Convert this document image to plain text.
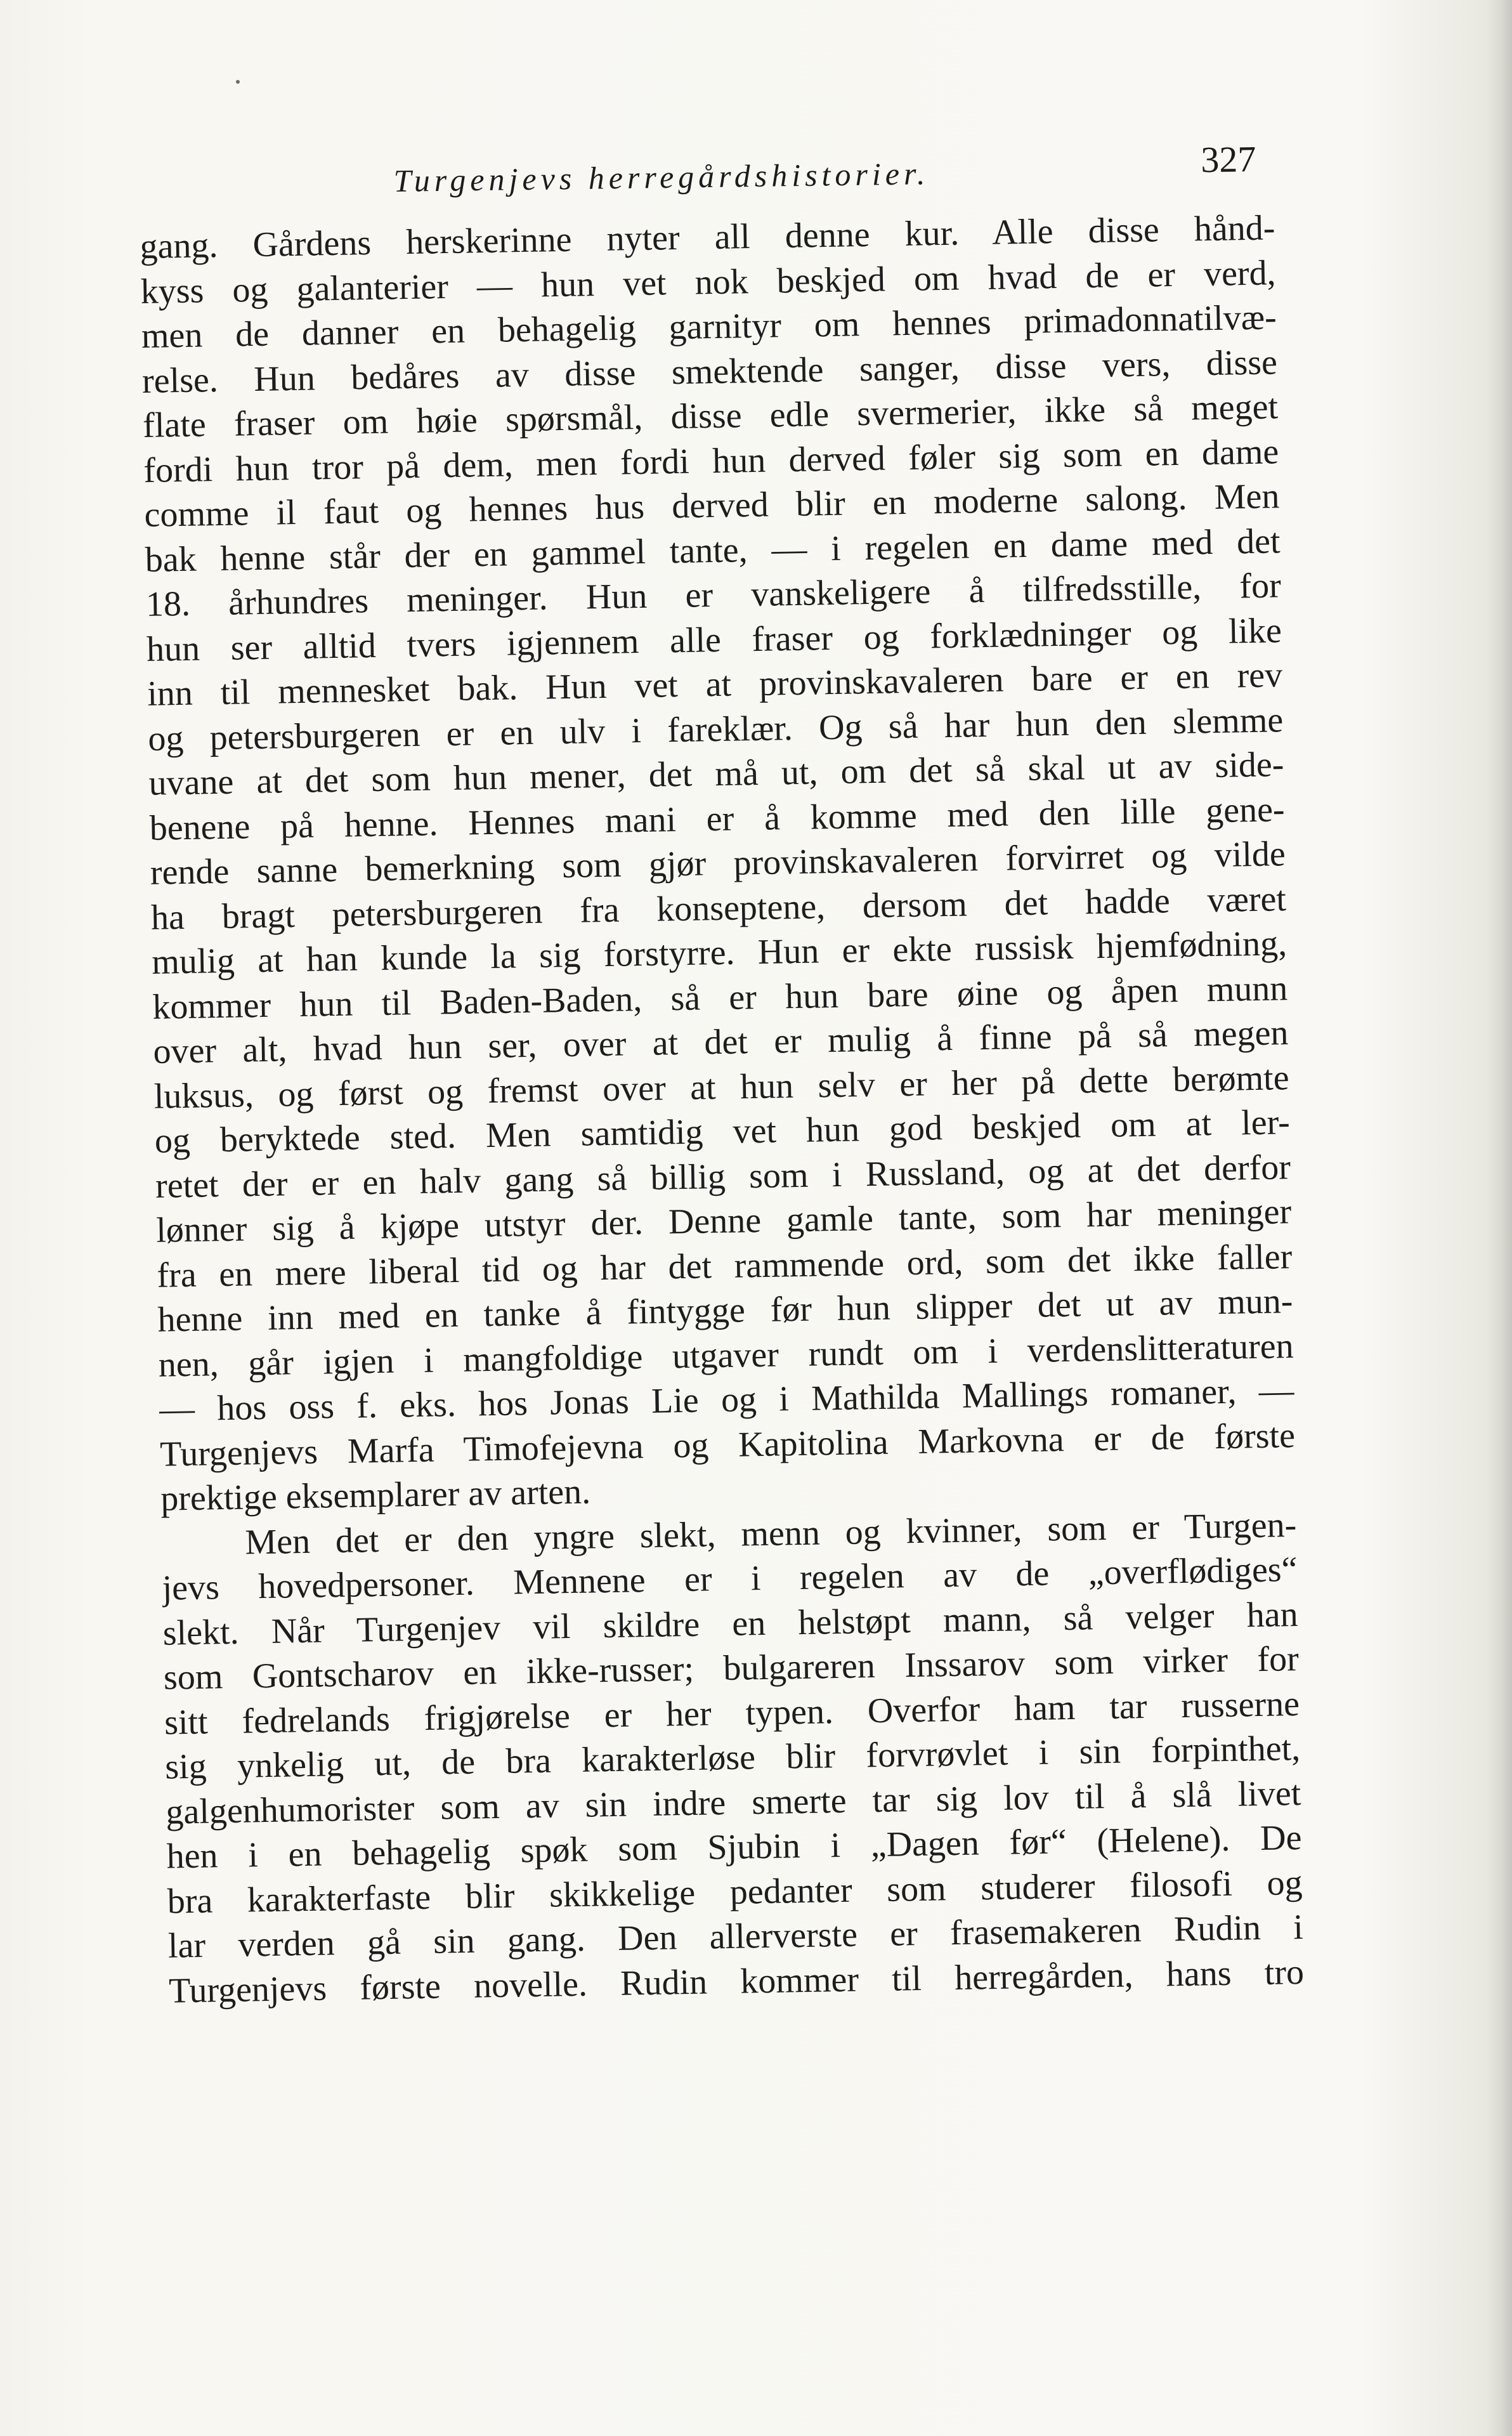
Turgenjevs herregårdshistorier.	327
gang. Gårdens herskerinne nyter all denne kur. Alle disse hånd-
kyss og galanterier — hun vet nok beskjed om hvad de er verd,
men de danner en behagelig garnityr om hennes primadonnatilvæ-
relse. Hun bedåres av disse smektende sanger, disse vers, disse
flate fraser om høie spørsmål, disse edle svermerier, ikke så meget
fordi hun tror på dem, men fordi hun derved føler sig som en dame
comme il faut og hennes hus derved blir en moderne salong. Men
bak henne står der en gammel tante, — i regelen en dame med det
18. århundres meninger. Hun er vanskeligere å tilfredsstille, for
hun ser alltid tvers igjennem alle fraser og forklædninger og like
inn til mennesket bak. Hun vet at provinskavaleren bare er en rev
og petersburgeren er en ulv i fareklær. Og så har hun den slemme
uvane at det som hun mener, det må ut, om det så skal ut av side-
benene på henne. Hennes mani er å komme med den lille gene-
rende sanne bemerkning som gjør provinskavaleren forvirret og vilde
ha bragt petersburgeren fra konseptene, dersom det hadde været
mulig at han kunde la sig forstyrre. Hun er ekte russisk hjemfødning,
kommer hun til Baden-Baden, så er hun bare øine og åpen munn
over alt, hvad hun ser, over at det er mulig å finne på så megen
luksus, og først og fremst over at hun selv er her på dette berømte
og beryktede sted. Men samtidig vet hun god beskjed om at ler-
retet der er en halv gang så billig som i Russland, og at det derfor
lønner sig å kjøpe utstyr der. Denne gamle tante, som har meninger
fra en mere liberal tid og har det rammende ord, som det ikke faller
henne inn med en tanke å fintygge før hun slipper det ut av mun-
nen, går igjen i mangfoldige utgaver rundt om i verdenslitteraturen
— hos oss f. eks. hos Jonas Lie og i Mathilda Mallings romaner, —
Turgenjevs Marfa Timofejevna og Kapitolina Markovna er de første
prektige eksemplarer av arten.
Men det er den yngre slekt, menn og kvinner, som er Turgen-
jevs hovedpersoner. Mennene er i regelen av de „overflødiges“
slekt. Når Turgenjev vil skildre en helstøpt mann, så velger han
som Gontscharov en ikke-russer; bulgareren Inssarov som virker for
sitt fedrelands frigjørelse er her typen. Overfor ham tar russerne
sig ynkelig ut, de bra karakterløse blir forvrøvlet i sin forpinthet,
galgenhumorister som av sin indre smerte tar sig lov til å slå livet
hen i en behagelig spøk som Sjubin i „Dagen før“ (Helene). De
bra karakterfaste blir skikkelige pedanter som studerer filosofi og
lar verden gå sin gang. Den allerverste er frasemakeren Rudin i
Turgenjevs første novelle. Rudin kommer til herregården, hans tro
